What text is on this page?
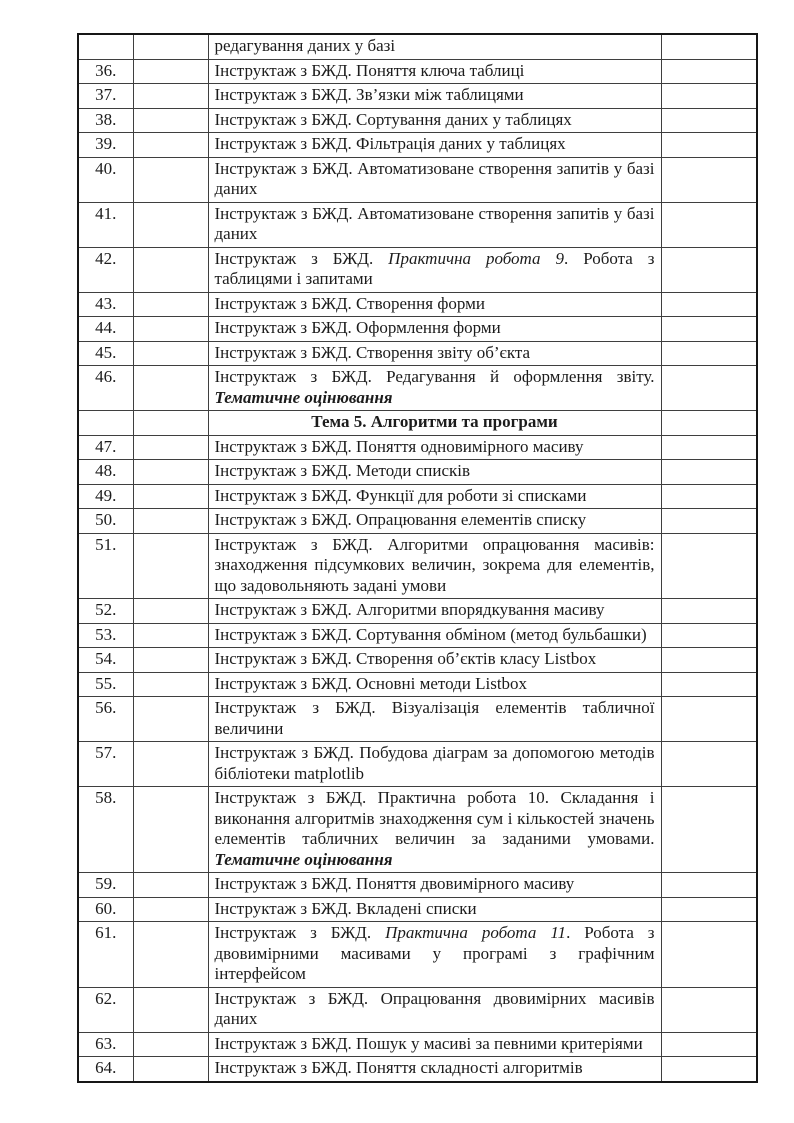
		редагування даних у базі	
36.		Інструктаж з БЖД. Поняття ключа таблиці	
37.		Інструктаж з БЖД. Зв’язки між таблицями	
38.		Інструктаж з БЖД. Сортування даних у таблицях	
39.		Інструктаж з БЖД. Фільтрація даних у таблицях	
40.		Інструктаж з БЖД. Автоматизоване створення запитів у базі даних	
41.		Інструктаж з БЖД. Автоматизоване створення запитів у базі даних	
42.		Інструктаж з БЖД. Практична робота 9. Робота з таблицями і запитами	
43.		Інструктаж з БЖД. Створення форми	
44.		Інструктаж з БЖД. Оформлення форми	
45.		Інструктаж з БЖД. Створення звіту об’єкта	
46.		Інструктаж з БЖД. Редагування й оформлення звіту. Тематичне оцінювання	
		Тема 5. Алгоритми та програми	
47.		Інструктаж з БЖД. Поняття одновимірного масиву	
48.		Інструктаж з БЖД. Методи списків	
49.		Інструктаж з БЖД. Функції для роботи зі списками	
50.		Інструктаж з БЖД. Опрацювання елементів списку	
51.		Інструктаж з БЖД. Алгоритми опрацювання масивів: знаходження підсумкових величин, зокрема для елементів, що задовольняють задані умови	
52.		Інструктаж з БЖД. Алгоритми впорядкування масиву	
53.		Інструктаж з БЖД. Сортування обміном (метод бульбашки)	
54.		Інструктаж з БЖД. Створення об’єктів класу Listbox	
55.		Інструктаж з БЖД. Основні методи Listbox	
56.		Інструктаж з БЖД. Візуалізація елементів табличної величини	
57.		Інструктаж з БЖД. Побудова діаграм за допомогою методів бібліотеки matplotlib	
58.		Інструктаж з БЖД. Практична робота 10. Складання і виконання алгоритмів знаходження сум і кількостей значень елементів табличних величин за заданими умовами. Тематичне оцінювання	
59.		Інструктаж з БЖД. Поняття двовимірного масиву	
60.		Інструктаж з БЖД. Вкладені списки	
61.		Інструктаж з БЖД. Практична робота 11. Робота з двовимірними масивами у програмі з графічним інтерфейсом	
62.		Інструктаж з БЖД. Опрацювання двовимірних масивів даних	
63.		Інструктаж з БЖД. Пошук у масиві за певними критеріями	
64.		Інструктаж з БЖД. Поняття складності алгоритмів	
